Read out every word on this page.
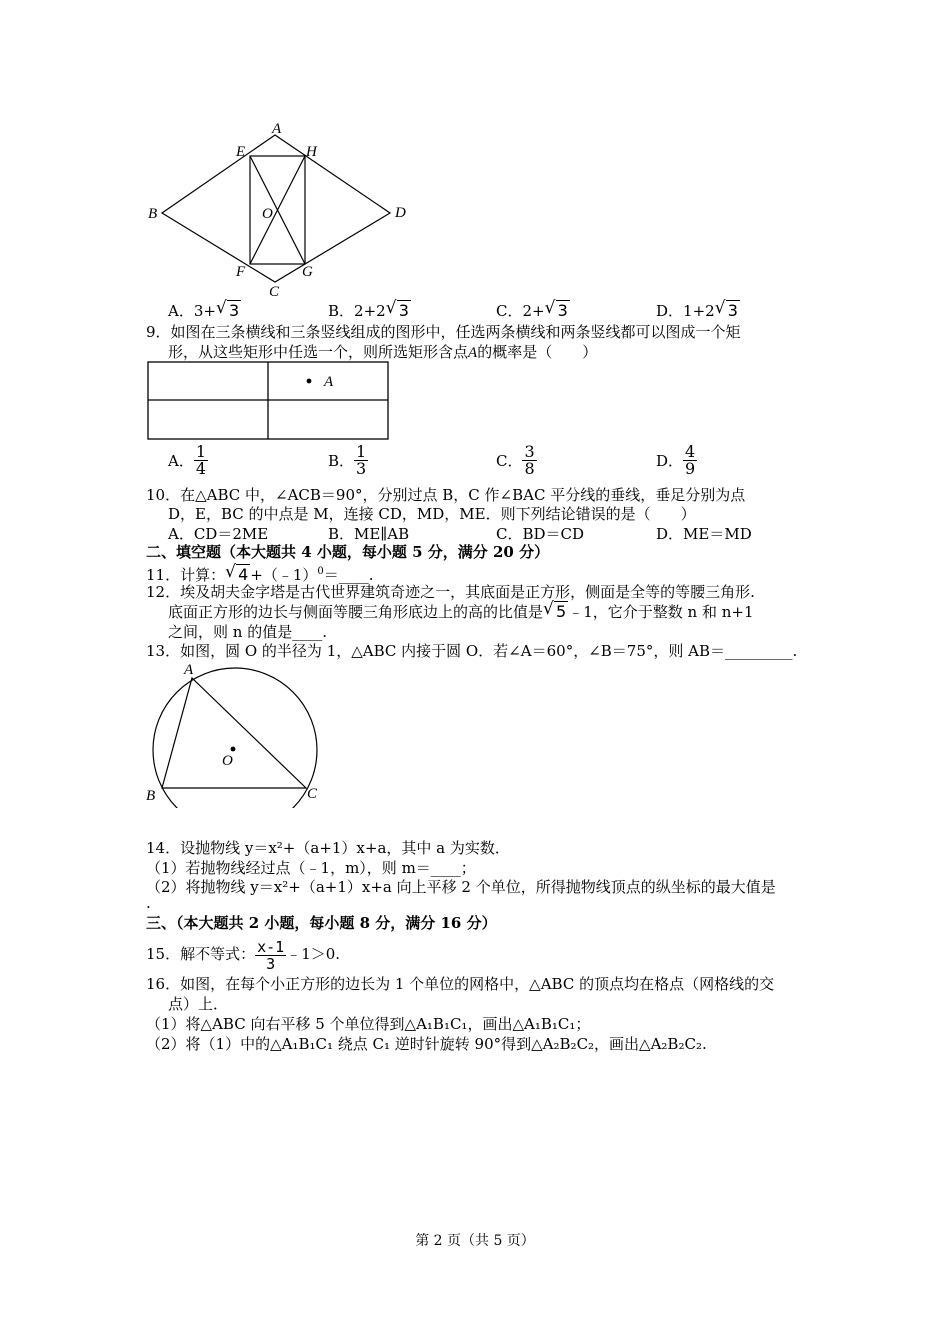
A
B
C
D
E
F	G
H
O
A．3+ √ 3	B．2+2 √ 3	C．2+ √ 3	D．1+2 √ 3
9．如图在三条横线和三条竖线组成的图形中，任选两条横线和两条竖线都可以图成一个矩
形，从这些矩形中任选一个，则所选矩形含点A的概率是（　　）
A
A． $\frac{1}{4}$	B． $\frac{1}{3}$	C． $\frac{3}{8}$	D． $\frac{4}{9}$
10．在△ABC 中，∠ACB＝90°，分别过点 B，C 作∠BAC 平分线的垂线，垂足分别为点
D，E，BC 的中点是 M，连接 CD，MD，ME．则下列结论错误的是（　　）
A．CD＝2ME	B．ME∥AB	C．BD＝CD	D．ME＝MD
二、填空题（本大题共 4 小题，每小题 5 分，满分 20 分）
11．计算： √ 4 +（﹣1）$^0$＝____.
12．埃及胡夫金字塔是古代世界建筑奇迹之一，其底面是正方形，侧面是全等的等腰三角形.
底面正方形的边长与侧面等腰三角形底边上的高的比值是 √ 5 ﹣1，它介于整数 n 和 n+1
之间，则 n 的值是____.
13．如图，圆 O 的半径为 1，△ABC 内接于圆 O．若∠A＝60°，∠B＝75°，则 AB＝_________.
A
B	C
O
14．设抛物线 y＝x²+（a+1）x+a，其中 a 为实数．
（1）若抛物线经过点（﹣1，m），则 m＝____；
（2）将抛物线 y＝x²+（a+1）x+a 向上平移 2 个单位，所得抛物线顶点的纵坐标的最大值是
.
三、（本大题共 2 小题，每小题 8 分，满分 16 分）
15．解不等式： $\frac{x-1}{3}$ ﹣1＞0.
16．如图，在每个小正方形的边长为 1 个单位的网格中，△ABC 的顶点均在格点（网格线的交
点）上．
（1）将△ABC 向右平移 5 个单位得到△A₁B₁C₁，画出△A₁B₁C₁；
（2）将（1）中的△A₁B₁C₁ 绕点 C₁ 逆时针旋转 90°得到△A₂B₂C₂，画出△A₂B₂C₂.
第 2 页（共 5 页）
